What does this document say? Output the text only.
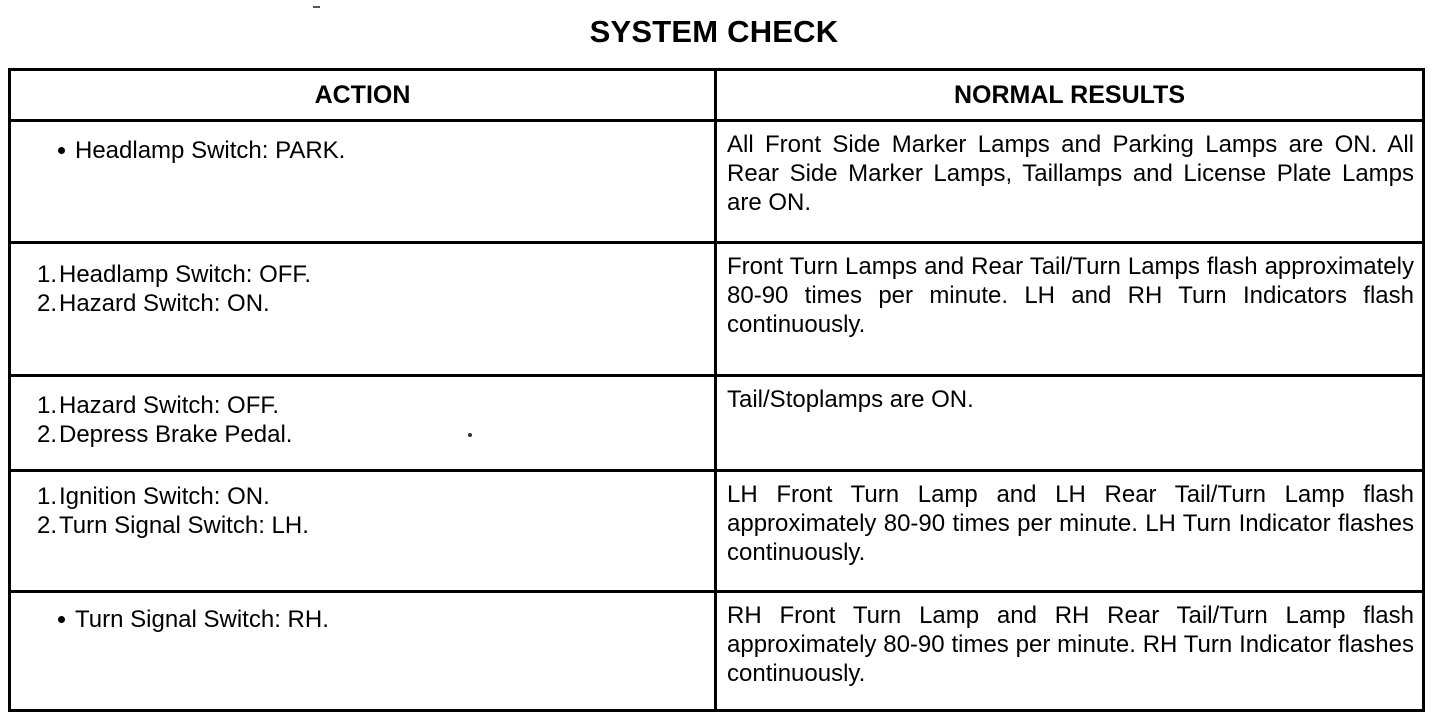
SYSTEM CHECK
ACTION	NORMAL RESULTS

Headlamp Switch: PARK.	All Front Side Marker Lamps and Parking Lamps are ON. All Rear Side Marker Lamps, Taillamps and License Plate Lamps are ON.

1.Headlamp Switch: OFF.
2.Hazard Switch: ON.	Front Turn Lamps and Rear Tail/Turn Lamps flash approximately 80-90 times per minute. LH and RH Turn Indicators flash continuously.

1.Hazard Switch: OFF.
2.Depress Brake Pedal.	Tail/Stoplamps are ON.

1.Ignition Switch: ON.
2.Turn Signal Switch: LH.	LH Front Turn Lamp and LH Rear Tail/Turn Lamp flash approximately 80-90 times per minute. LH Turn Indicator flashes continuously.

Turn Signal Switch: RH.	RH Front Turn Lamp and RH Rear Tail/Turn Lamp flash approximately 80-90 times per minute. RH Turn Indicator flashes continuously.
